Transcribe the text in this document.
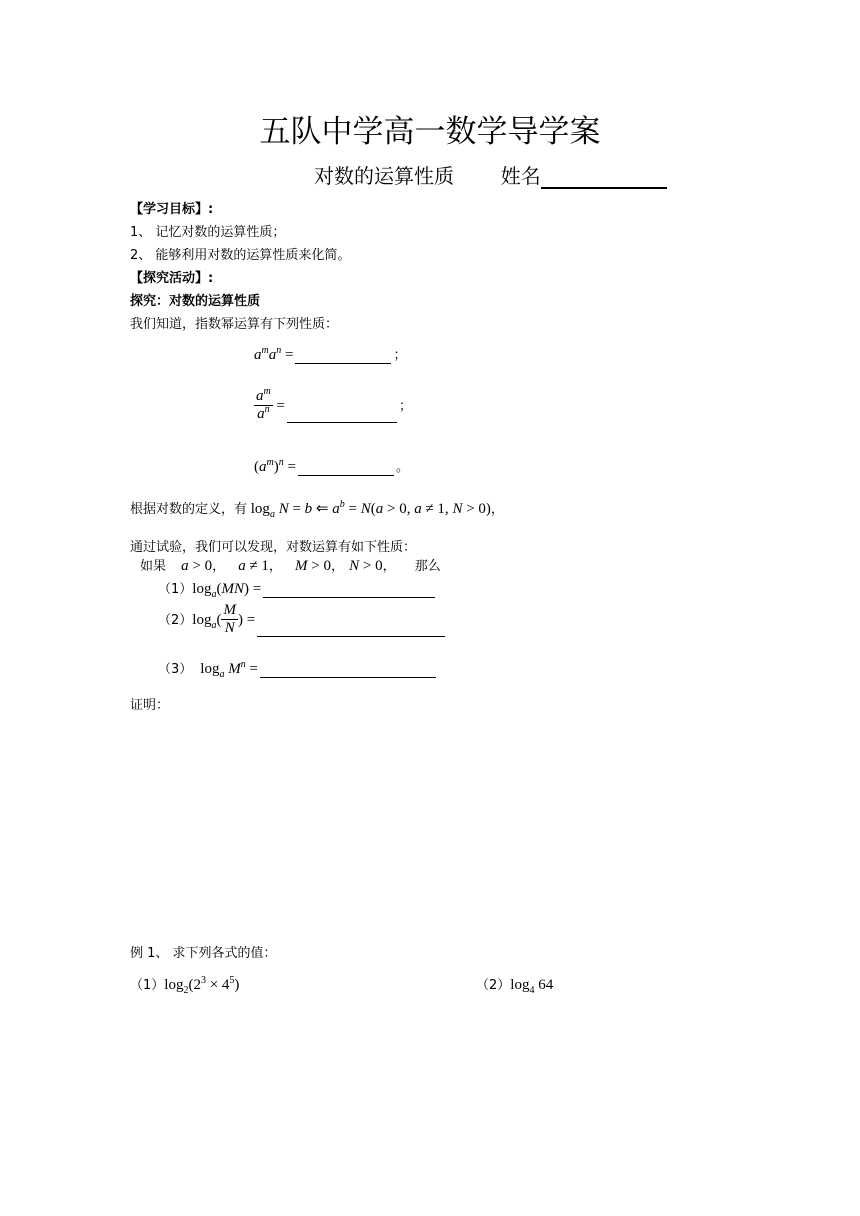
五队中学高一数学导学案
对数的运算性质 姓名
【学习目标】:
1、 记忆对数的运算性质；
2、 能够利用对数的运算性质来化简。
【探究活动】:
探究：对数的运算性质
我们知道，指数幂运算有下列性质：
$a^ma^n$ =	；
$\frac{a^m}{a^n}$ =	；
$(a^m)^n$ =	。
根据对数的定义，有 $\log_a N = b$ ⇐ $a^b = N(a > 0$, a ≠ 1, N > 0)，
通过试验，我们可以发现，对数运算有如下性质：
如果 a > 0， a ≠ 1， M > 0， N > 0， 那么
$(1)\log_a(MN)$ =
$(2)\log_a( \frac{M}{N}$ ) =
（3） $\log_a M^n$ =
证明：
例 1、 求下列各式的值：
$(1)\log_2(2^3 \times 4^5)$	$(2)\log_4$ 64
